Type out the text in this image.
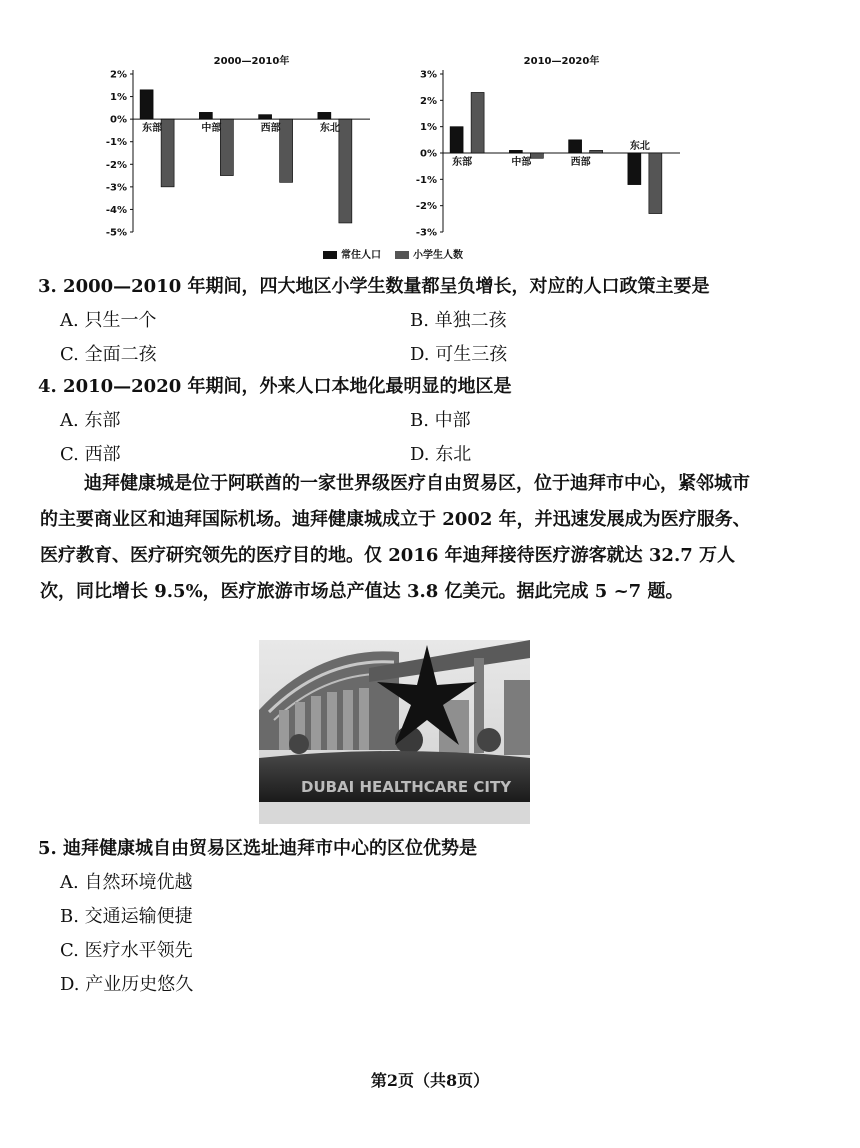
2000—2010年
2%
1%
0%
-1%
-2%
-3%
-4%
-5%
东部	中部	西部	东北
2010—2020年
3%
2%
1%
0%
-1%
-2%
-3%
东部	中部	西部
东北
常住人口	小学生人数
3. 2000—2010 年期间，四大地区小学生数量都呈负增长，对应的人口政策主要是
A. 只生一个	B. 单独二孩
C. 全面二孩	D. 可生三孩
4. 2010—2020 年期间，外来人口本地化最明显的地区是
A. 东部	B. 中部
C. 西部	D. 东北
迪拜健康城是位于阿联酋的一家世界级医疗自由贸易区，位于迪拜市中心，紧邻城市的主要商业区和迪拜国际机场。迪拜健康城成立于 2002 年，并迅速发展成为医疗服务、医疗教育、医疗研究领先的医疗目的地。仅 2016 年迪拜接待医疗游客就达 32.7 万人次，同比增长 9.5%，医疗旅游市场总产值达 3.8 亿美元。据此完成 5 ~7 题。
DUBAI HEALTHCARE CITY
5. 迪拜健康城自由贸易区选址迪拜市中心的区位优势是
A. 自然环境优越
B. 交通运输便捷
C. 医疗水平领先
D. 产业历史悠久
第2页（共8页）
